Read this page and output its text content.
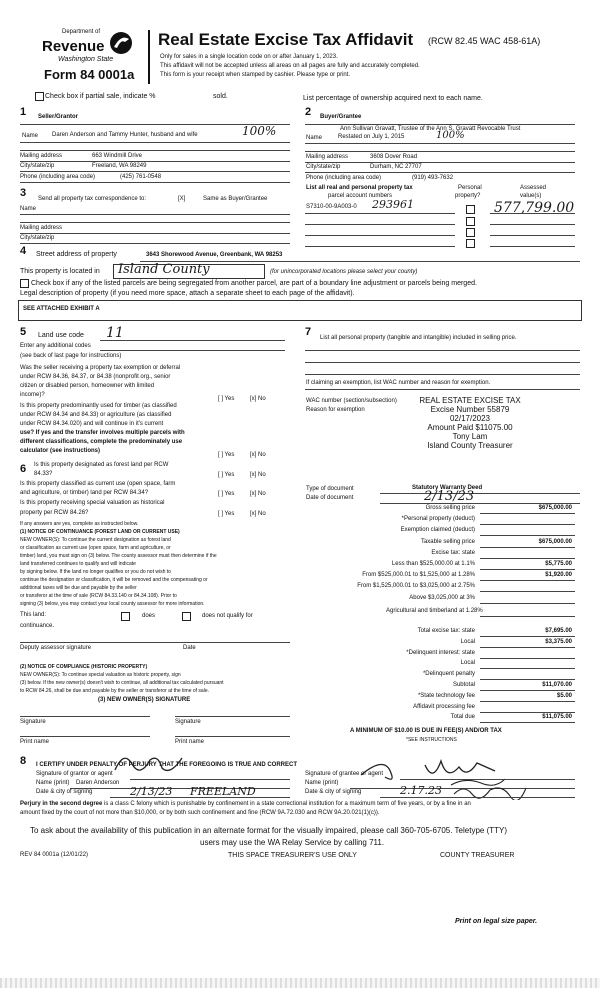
Department of
Revenue
Washington State
Form 84 0001a
Real Estate Excise Tax Affidavit (RCW 82.45 WAC 458-61A)
Only for sales in a single location code on or after January 1, 2023.
This affidavit will not be accepted unless all areas on all pages are fully and accurately completed.
This form is your receipt when stamped by cashier. Please type or print.
Check box if partial sale, indicate %	sold.	List percentage of ownership acquired next to each name.
1 Seller/Grantor
Name Daren Anderson and Tammy Hunter, husband and wife	100%
Mailing address	663 Windmill Drive
City/state/zip	Freeland, WA 98249
Phone (including area code)	(425) 761-0548
2 Buyer/Grantee
Ann Sullivan Gravatt, Trustee of the Ann S. Gravatt Revocable Trust
Name	Restated on July 1, 2015	100%
Mailing address	3608 Dover Road
City/state/zip	Durham, NC 27707
Phone (including area code)	(919) 493-7632
3 Send all property tax correspondence to:	[X]	Same as Buyer/Grantee
Name
Mailing address
City/state/zip
List all real and personal property tax
parcel account numbers
Personal
property?
Assessed
value(s)
S7310-00-9A003-0 293961	577,799.00
4 Street address of property	3643 Shorewood Avenue, Greenbank, WA 98253
This property is located in Island County	(for unincorporated locations please select your county)
Check box if any of the listed parcels are being segregated from another parcel, are part of a boundary line adjustment or parcels being merged.
Legal description of property (if you need more space, attach a separate sheet to each page of the affidavit).
SEE ATTACHED EXHIBIT A
5 Land use code 11
Enter any additional codes
(see back of last page for instructions)
Was the seller receiving a property tax exemption or deferral
under RCW 84.36, 84.37, or 84.38 (nonprofit org., senior
citizen or disabled person, homeowner with limited
income)?
[ ] Yes	[x] No
Is this property predominantly used for timber (as classified
under RCW 84.34 and 84.33) or agriculture (as classified
under RCW 84.34.020) and will continue in it's current
use? If yes and the transfer involves multiple parcels with
different classifications, complete the predominately use
calculator (see instructions)
[ ] Yes	[x] No
6 Is this property designated as forest land per RCW
84.33?	[ ] Yes	[x] No
Is this property classified as current use (open space, farm
and agriculture, or timber) land per RCW 84.34?	[ ] Yes	[x] No
Is this property receiving special valuation as historical
property per RCW 84.26?	[ ] Yes	[x] No
If any answers are yes, complete as instructed below.
(1) NOTICE OF CONTINUANCE (FOREST LAND OR CURRENT USE)
NEW OWNER(S): To continue the current designation as forest land
or classification as current use (open space, farm and agriculture, or
timber) land, you must sign on (3) below. The county assessor must then determine if the
land transferred continues to qualify and will indicate
by signing below. If the land no longer qualifies or you do not wish to
continue the designation or classification, it will be removed and the compensating or
additional taxes will be due and payable by the seller
or transferor at the time of sale (RCW 84.33.140 or 84.34.108). Prior to
signing (3) below, you may contact your local county assessor for more information.
This land:	does	does not qualify for
continuance.
Deputy assessor signature	Date
(2) NOTICE OF COMPLIANCE (HISTORIC PROPERTY)
NEW OWNER(S): To continue special valuation as historic property, sign
(3) below. If the new owner(s) doesn't wish to continue, all additional tax calculated pursuant
to RCW 84.26, shall be due and payable by the seller or transferor at the time of sale.
(3) NEW OWNER(S) SIGNATURE
Signature	Signature
Print name	Print name
7 List all personal property (tangible and intangible) included in selling price.
If claiming an exemption, list WAC number and reason for exemption.
WAC number (section/subsection)
Reason for exemption
REAL ESTATE EXCISE TAX
Excise Number 55879
02/17/2023
Amount Paid $11075.00
Tony Lam
Island County Treasurer
Type of document	Statutory Warranty Deed
Date of document	2/13/23
Gross selling price	$675,000.00
*Personal property (deduct)
Exemption claimed (deduct)
Taxable selling price	$675,000.00
Excise tax: state
Less than $525,000.00 at 1.1%	$5,775.00
From $525,000.01 to $1,525,000 at 1.28%	$1,920.00
From $1,525,000.01 to $3,025,000 at 2.75%
Above $3,025,000 at 3%
Agricultural and timberland at 1.28%
Total excise tax: state	$7,695.00
Local	$3,375.00
*Delinquent interest: state
Local
*Delinquent penalty
Subtotal	$11,070.00
*State technology fee	$5.00
Affidavit processing fee
Total due	$11,075.00
A MINIMUM OF $10.00 IS DUE IN FEE(S) AND/OR TAX
*SEE INSTRUCTIONS
8 I CERTIFY UNDER PENALTY OF PERJURY THAT THE FOREGOING IS TRUE AND CORRECT
Signature of grantor or agent
Name (print) Daren Anderson
Date & city of signing	2/13/23 FREELAND
Signature of grantee or agent
Name (print)
Date & city of signing	2.17.23
Perjury in the second degree is a class C felony which is punishable by confinement in a state correctional institution for a maximum term of five years, or by a fine in an
amount fixed by the court of not more than $10,000, or by both such confinement and fine (RCW 9A.72.030 and RCW 9A.20.021(1)(c)).
To ask about the availability of this publication in an alternate format for the visually impaired, please call 360-705-6705. Teletype (TTY)
users may use the WA Relay Service by calling 711.
REV 84 0001a (12/01/22)	THIS SPACE TREASURER'S USE ONLY	COUNTY TREASURER
Print on legal size paper.
